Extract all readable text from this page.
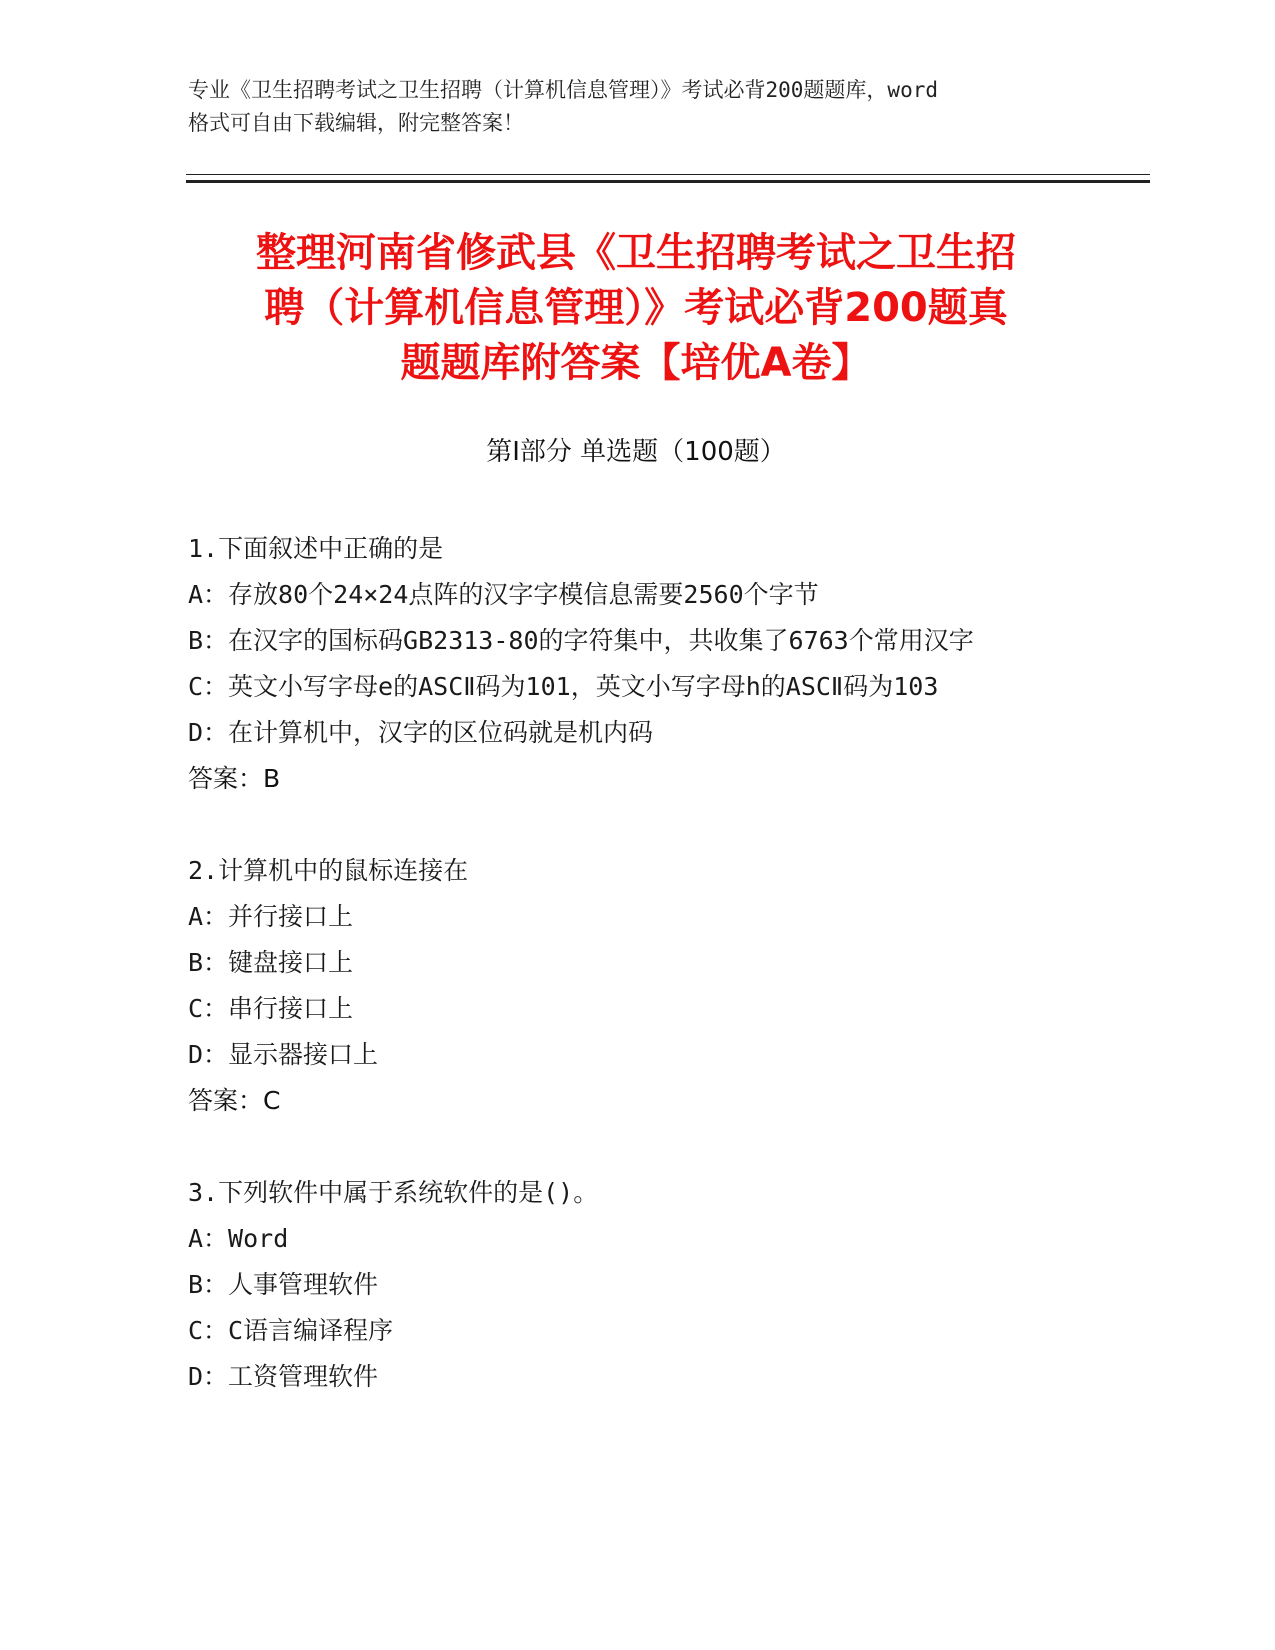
专业《卫生招聘考试之卫生招聘（计算机信息管理）》考试必背200题题库，word
格式可自由下载编辑，附完整答案！
整理河南省修武县《卫生招聘考试之卫生招
聘（计算机信息管理）》考试必背200题真
题题库附答案【培优A卷】
第Ⅰ部分 单选题（100题）
1.下面叙述中正确的是
A：存放80个24×24点阵的汉字字模信息需要2560个字节
B：在汉字的国标码GB2313-80的字符集中，共收集了6763个常用汉字
C：英文小写字母e的ASCⅡ码为101，英文小写字母h的ASCⅡ码为103
D：在计算机中，汉字的区位码就是机内码
答案：B
2.计算机中的鼠标连接在
A：并行接口上
B：键盘接口上
C：串行接口上
D：显示器接口上
答案：C
3.下列软件中属于系统软件的是()。
A：Word
B：人事管理软件
C：C语言编译程序
D：工资管理软件
